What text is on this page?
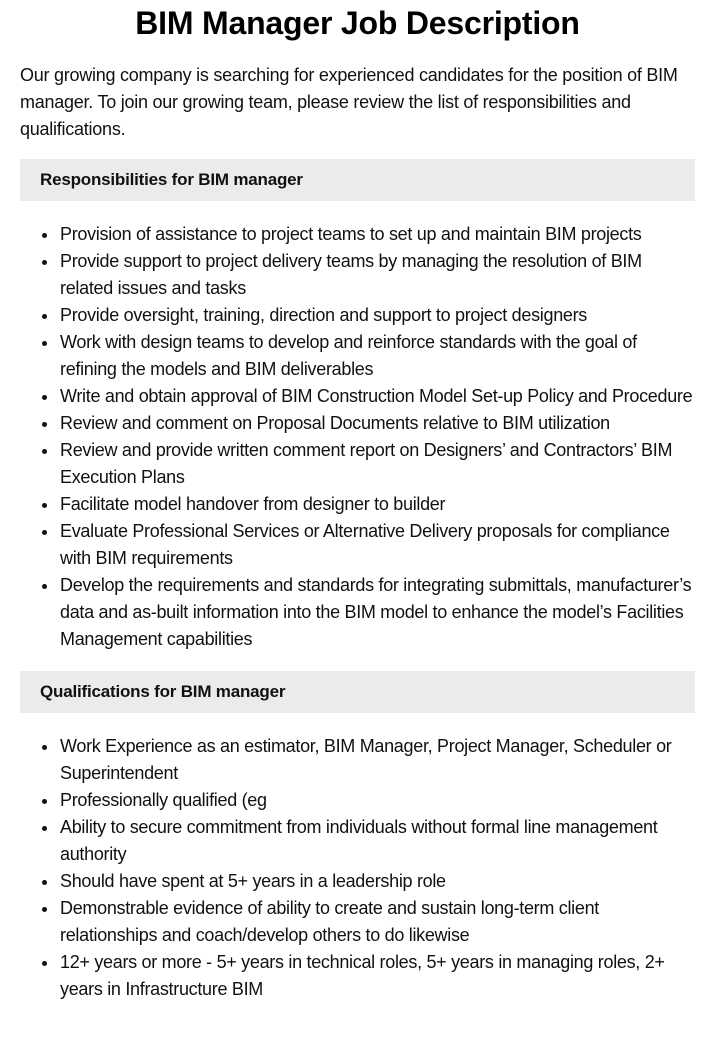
BIM Manager Job Description

Our growing company is searching for experienced candidates for the position of BIM manager. To join our growing team, please review the list of responsibilities and qualifications.

Responsibilities for BIM manager
Provision of assistance to project teams to set up and maintain BIM projects
Provide support to project delivery teams by managing the resolution of BIM related issues and tasks
Provide oversight, training, direction and support to project designers
Work with design teams to develop and reinforce standards with the goal of refining the models and BIM deliverables
Write and obtain approval of BIM Construction Model Set-up Policy and Procedure
Review and comment on Proposal Documents relative to BIM utilization
Review and provide written comment report on Designers’ and Contractors’ BIM Execution Plans
Facilitate model handover from designer to builder
Evaluate Professional Services or Alternative Delivery proposals for compliance with BIM requirements
Develop the requirements and standards for integrating submittals, manufacturer’s data and as-built information into the BIM model to enhance the model’s Facilities Management capabilities
Qualifications for BIM manager
Work Experience as an estimator, BIM Manager, Project Manager, Scheduler or Superintendent
Professionally qualified (eg
Ability to secure commitment from individuals without formal line management authority
Should have spent at 5+ years in a leadership role
Demonstrable evidence of ability to create and sustain long-term client relationships and coach/develop others to do likewise
12+ years or more - 5+ years in technical roles, 5+ years in managing roles, 2+ years in Infrastructure BIM
